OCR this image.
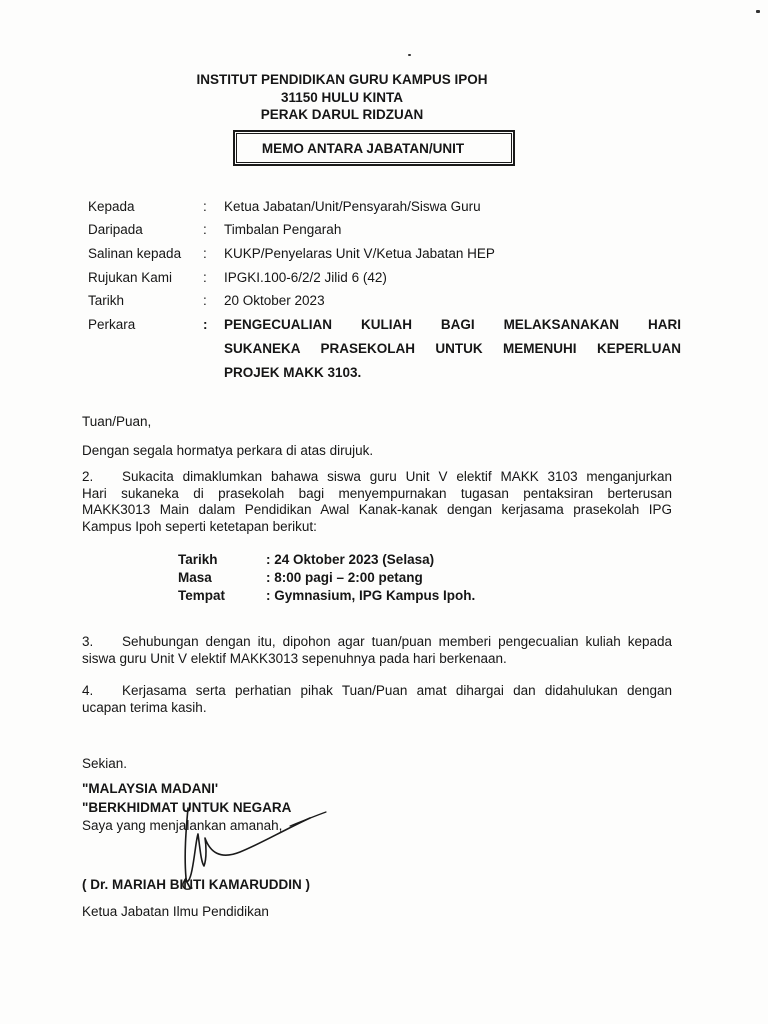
INSTITUT PENDIDIKAN GURU KAMPUS IPOH
31150 HULU KINTA
PERAK DARUL RIDZUAN
MEMO ANTARA JABATAN/UNIT
Kepada	: Ketua Jabatan/Unit/Pensyarah/Siswa Guru
Daripada	: Timbalan Pengarah
Salinan kepada : KUKP/Penyelaras Unit V/Ketua Jabatan HEP
Rujukan Kami : IPGKI.100-6/2/2 Jilid 6 (42)
Tarikh	: 20 Oktober 2023
Perkara	: PENGECUALIAN KULIAH BAGI MELAKSANAKAN HARI
SUKANEKA PRASEKOLAH UNTUK MEMENUHI KEPERLUAN
PROJEK MAKK 3103.
Tuan/Puan,
Dengan segala hormatya perkara di atas dirujuk.
2. Sukacita dimaklumkan bahawa siswa guru Unit V elektif MAKK 3103 menganjurkan
Hari sukaneka di prasekolah bagi menyempurnakan tugasan pentaksiran berterusan
MAKK3013 Main dalam Pendidikan Awal Kanak-kanak dengan kerjasama prasekolah IPG
Kampus Ipoh seperti ketetapan berikut:
Tarikh	: 24 Oktober 2023 (Selasa)
Masa	: 8:00 pagi – 2:00 petang
Tempat	: Gymnasium, IPG Kampus Ipoh.
3. Sehubungan dengan itu, dipohon agar tuan/puan memberi pengecualian kuliah kepada
siswa guru Unit V elektif MAKK3013 sepenuhnya pada hari berkenaan.
4. Kerjasama serta perhatian pihak Tuan/Puan amat dihargai dan didahulukan dengan
ucapan terima kasih.
Sekian.
"MALAYSIA MADANI'
"BERKHIDMAT UNTUK NEGARA
Saya yang menjalankan amanah,
( Dr. MARIAH BINTI KAMARUDDIN )
Ketua Jabatan Ilmu Pendidikan
